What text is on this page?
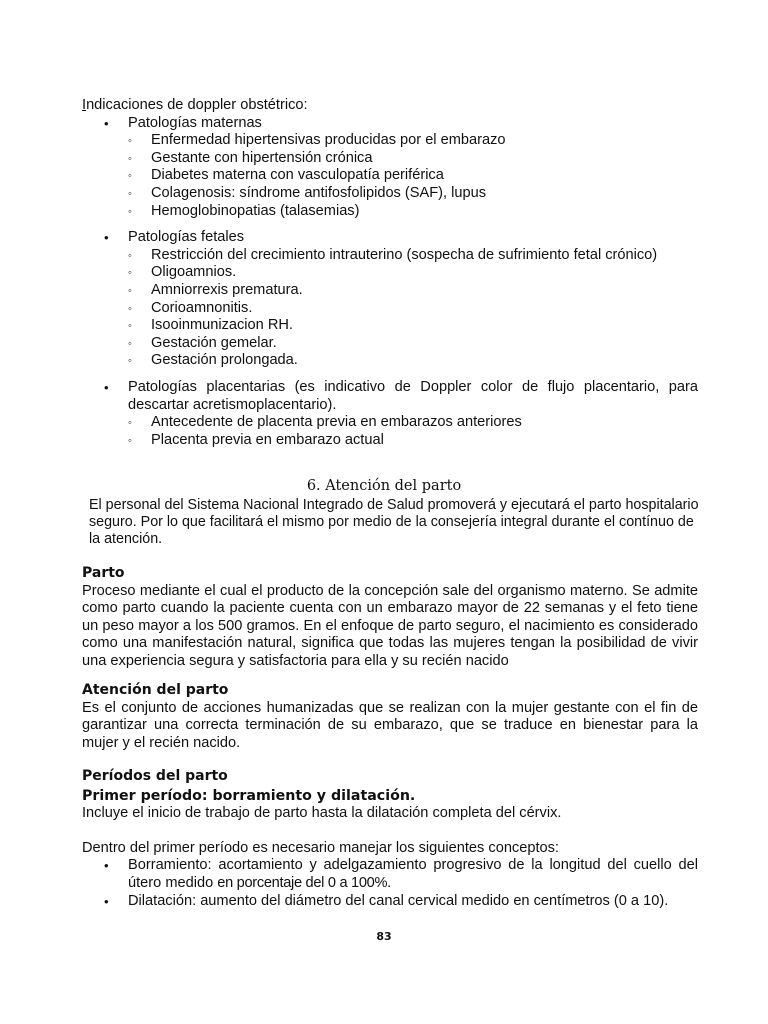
Indicaciones de doppler obstétrico:

• Patologías maternas
◦ Enfermedad hipertensivas producidas por el embarazo
◦ Gestante con hipertensión crónica
◦ Diabetes materna con vasculopatía periférica
◦ Colagenosis: síndrome antifosfolipidos (SAF), lupus
◦ Hemoglobinopatias (talasemias)
• Patologías fetales
◦ Restricción del crecimiento intrauterino (sospecha de sufrimiento fetal crónico)
◦ Oligoamnios.
◦ Amniorrexis prematura.
◦ Corioamnonitis.
◦ Isooinmunizacion RH.
◦ Gestación gemelar.
◦ Gestación prolongada.
• Patologías placentarias (es indicativo de Doppler color de flujo placentario, para descartar acretismoplacentario).
◦ Antecedente de placenta previa en embarazos anteriores
◦ Placenta previa en embarazo actual
6. Atención del parto

El personal del Sistema Nacional Integrado de Salud promoverá y ejecutará el parto hospitalario seguro. Por lo que facilitará el mismo por medio de la consejería integral durante el contínuo de la atención.

Parto

Proceso mediante el cual el producto de la concepción sale del organismo materno. Se admite como parto cuando la paciente cuenta con un embarazo mayor de 22 semanas y el feto tiene un peso mayor a los 500 gramos. En el enfoque de parto seguro, el nacimiento es considerado como una manifestación natural, significa que todas las mujeres tengan la posibilidad de vivir una experiencia segura y satisfactoria para ella y su recién nacido

Atención del parto

Es el conjunto de acciones humanizadas que se realizan con la mujer gestante con el fin de garantizar una correcta terminación de su embarazo, que se traduce en bienestar para la mujer y el recién nacido.

Períodos del parto

Primer período: borramiento y dilatación.

Incluye el inicio de trabajo de parto hasta la dilatación completa del cérvix.

Dentro del primer período es necesario manejar los siguientes conceptos:

• Borramiento: acortamiento y adelgazamiento progresivo de la longitud del cuello del útero medido en porcentaje del 0 a 100%.
• Dilatación: aumento del diámetro del canal cervical medido en centímetros (0 a 10).
83
